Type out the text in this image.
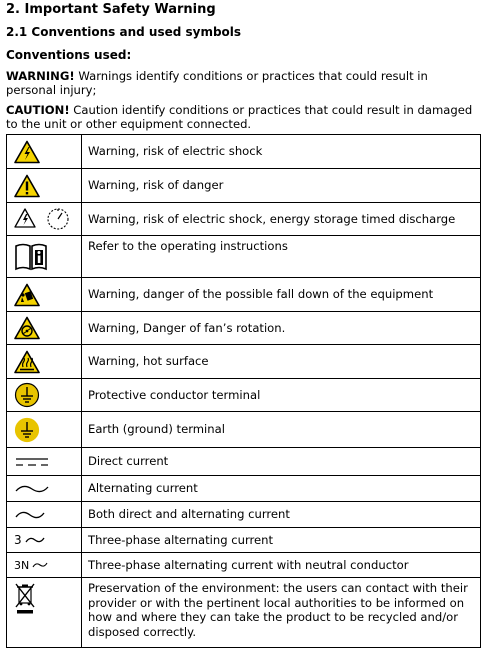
2. Important Safety Warning
2.1 Conventions and used symbols
Conventions used:
WARNING! Warnings identify conditions or practices that could result in personal injury;
CAUTION! Caution identify conditions or practices that could result in damaged to the unit or other equipment connected.
	Warning, risk of electric shock

	Warning, risk of danger

	Warning, risk of electric shock, energy storage timed discharge

	Refer to the operating instructions

	Warning, danger of the possible fall down of the equipment

	Warning, Danger of fan’s rotation.

	Warning, hot surface

	Protective conductor terminal

	Earth (ground) terminal

	Direct current

	Alternating current

	Both direct and alternating current

3	Three-phase alternating current

3N	Three-phase alternating current with neutral conductor

	Preservation of the environment: the users can contact with their provider or with the pertinent local authorities to be informed on how and where they can take the product to be recycled and/or disposed correctly.
